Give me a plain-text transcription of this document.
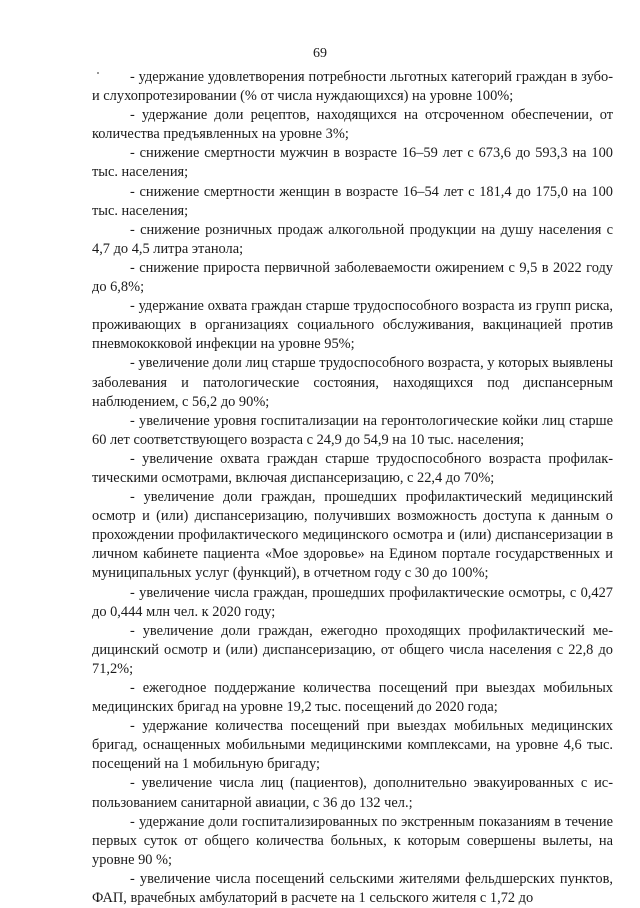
69

- удержание удовлетворения потребности льготных категорий граждан в зубо- и слухопротезировании (% от числа нуждающихся) на уровне 100%;

- удержание доли рецептов, находящихся на отсроченном обеспечении, от количества предъявленных на уровне 3%;

- снижение смертности мужчин в возрасте 16–59 лет с 673,6 до 593,3 на 100 тыс. населения;

- снижение смертности женщин в возрасте 16–54 лет с 181,4 до 175,0 на 100 тыс. населения;

- снижение розничных продаж алкогольной продукции на душу населения с 4,7 до 4,5 литра этанола;

- снижение прироста первичной заболеваемости ожирением с 9,5 в 2022 году до 6,8%;

- удержание охвата граждан старше трудоспособного возраста из групп риска, проживающих в организациях социального обслуживания, вакцинацией против пневмококковой инфекции на уровне 95%;

- увеличение доли лиц старше трудоспособного возраста, у которых выявлены заболевания и патологические состояния, находящихся под диспансерным наблюдением, с 56,2 до 90%;

- увеличение уровня госпитализации на геронтологические койки лиц старше 60 лет соответствующего возраста с 24,9 до 54,9 на 10 тыс. населения;

- увеличение охвата граждан старше трудоспособного возраста профилактическими осмотрами, включая диспансеризацию, с 22,4 до 70%;

- увеличение доли граждан, прошедших профилактический медицинский осмотр и (или) диспансеризацию, получивших возможность доступа к данным о прохождении профилактического медицинского осмотра и (или) диспансеризации в личном кабинете пациента «Мое здоровье» на Едином портале государственных и муниципальных услуг (функций), в отчетном году с 30 до 100%;

- увеличение числа граждан, прошедших профилактические осмотры, с 0,427 до 0,444 млн чел. к 2020 году;

- увеличение доли граждан, ежегодно проходящих профилактический медицинский осмотр и (или) диспансеризацию, от общего числа населения с 22,8 до 71,2%;

- ежегодное поддержание количества посещений при выездах мобильных медицинских бригад на уровне 19,2 тыс. посещений до 2020 года;

- удержание количества посещений при выездах мобильных медицинских бригад, оснащенных мобильными медицинскими комплексами, на уровне 4,6 тыс. посещений на 1 мобильную бригаду;

- увеличение числа лиц (пациентов), дополнительно эвакуированных с использованием санитарной авиации, с 36 до 132 чел.;

- удержание доли госпитализированных по экстренным показаниям в течение первых суток от общего количества больных, к которым совершены вылеты, на уровне 90 %;

- увеличение числа посещений сельскими жителями фельдшерских пунктов, ФАП, врачебных амбулаторий в расчете на 1 сельского жителя с 1,72 до
